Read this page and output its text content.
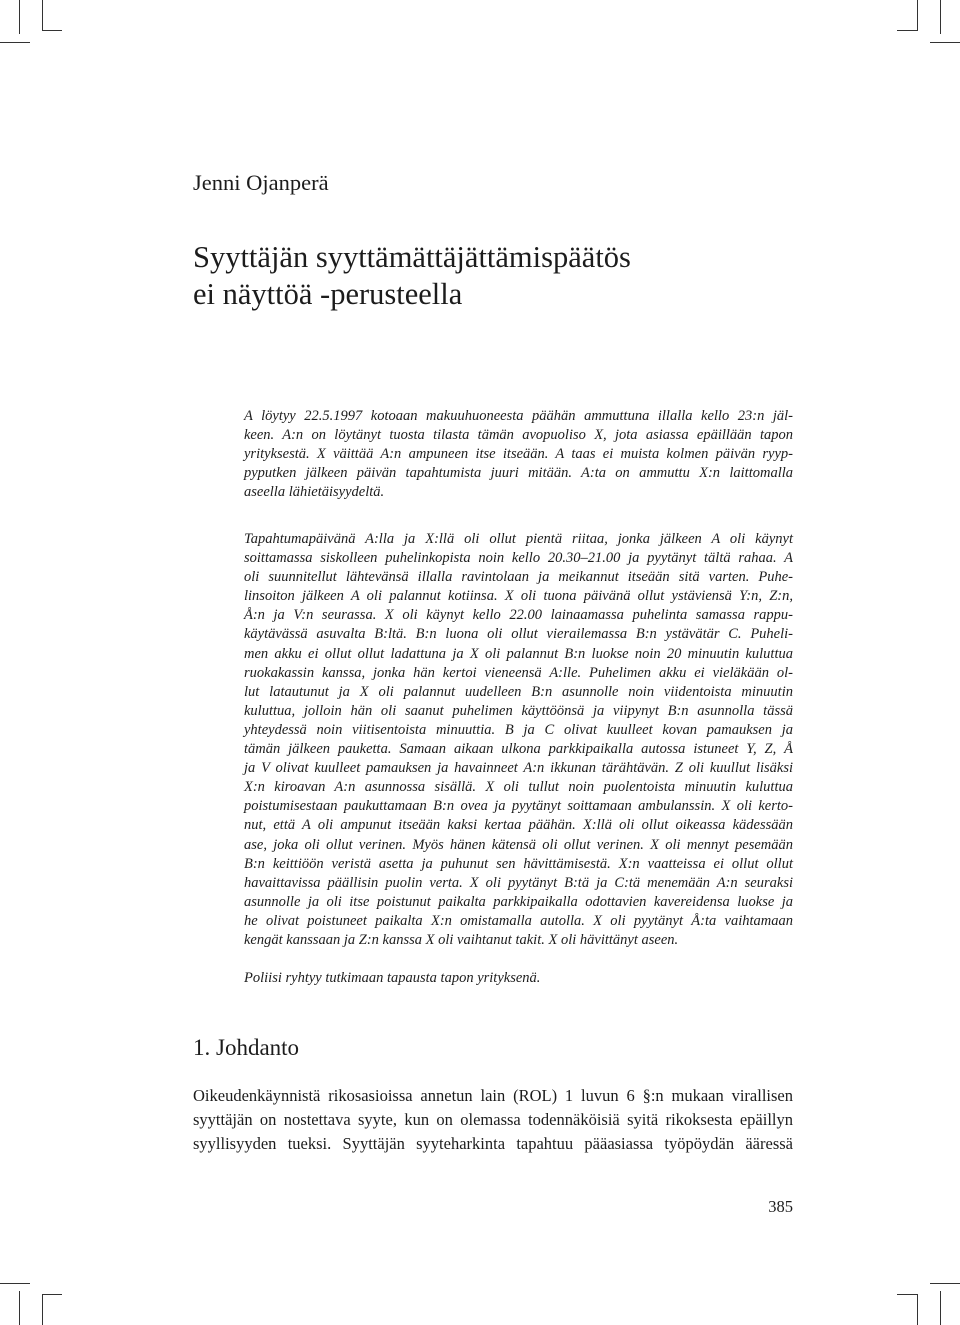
Jenni Ojanperä
Syyttäjän syyttämättäjättämispäätös
ei näyttöä -perusteella
A löytyy 22.5.1997 kotoaan makuuhuoneesta päähän ammuttuna illalla kello 23:n jäl-
keen. A:n on löytänyt tuosta tilasta tämän avopuoliso X, jota asiassa epäillään tapon
yrityksestä. X väittää A:n ampuneen itse itseään. A taas ei muista kolmen päivän ryyp-
pyputken jälkeen päivän tapahtumista juuri mitään. A:ta on ammuttu X:n laittomalla
aseella lähietäisyydeltä.
Tapahtumapäivänä A:lla ja X:llä oli ollut pientä riitaa, jonka jälkeen A oli käynyt
soittamassa siskolleen puhelinkopista noin kello 20.30–21.00 ja pyytänyt tältä rahaa. A
oli suunnitellut lähtevänsä illalla ravintolaan ja meikannut itseään sitä varten. Puhe-
linsoiton jälkeen A oli palannut kotiinsa. X oli tuona päivänä ollut ystäviensä Y:n, Z:n,
Å:n ja V:n seurassa. X oli käynyt kello 22.00 lainaamassa puhelinta samassa rappu-
käytävässä asuvalta B:ltä. B:n luona oli ollut vierailemassa B:n ystävätär C. Puheli-
men akku ei ollut ollut ladattuna ja X oli palannut B:n luokse noin 20 minuutin kuluttua
ruokakassin kanssa, jonka hän kertoi vieneensä A:lle. Puhelimen akku ei vieläkään ol-
lut latautunut ja X oli palannut uudelleen B:n asunnolle noin viidentoista minuutin
kuluttua, jolloin hän oli saanut puhelimen käyttöönsä ja viipynyt B:n asunnolla tässä
yhteydessä noin viitisentoista minuuttia. B ja C olivat kuulleet kovan pamauksen ja
tämän jälkeen pauketta. Samaan aikaan ulkona parkkipaikalla autossa istuneet Y, Z, Å
ja V olivat kuulleet pamauksen ja havainneet A:n ikkunan tärähtävän. Z oli kuullut lisäksi
X:n kiroavan A:n asunnossa sisällä. X oli tullut noin puolentoista minuutin kuluttua
poistumisestaan paukuttamaan B:n ovea ja pyytänyt soittamaan ambulanssin. X oli kerto-
nut, että A oli ampunut itseään kaksi kertaa päähän. X:llä oli ollut oikeassa kädessään
ase, joka oli ollut verinen. Myös hänen kätensä oli ollut verinen. X oli mennyt pesemään
B:n keittiöön veristä asetta ja puhunut sen hävittämisestä. X:n vaatteissa ei ollut ollut
havaittavissa päällisin puolin verta. X oli pyytänyt B:tä ja C:tä menemään A:n seuraksi
asunnolle ja oli itse poistunut paikalta parkkipaikalla odottavien kavereidensa luokse ja
he olivat poistuneet paikalta X:n omistamalla autolla. X oli pyytänyt Å:ta vaihtamaan
kengät kanssaan ja Z:n kanssa X oli vaihtanut takit. X oli hävittänyt aseen.
Poliisi ryhtyy tutkimaan tapausta tapon yrityksenä.
1. Johdanto
Oikeudenkäynnistä rikosasioissa annetun lain (ROL) 1 luvun 6 §:n mukaan virallisen
syyttäjän on nostettava syyte, kun on olemassa todennäköisiä syitä rikoksesta epäillyn
syyllisyyden tueksi. Syyttäjän syyteharkinta tapahtuu pääasiassa työpöydän ääressä
385
